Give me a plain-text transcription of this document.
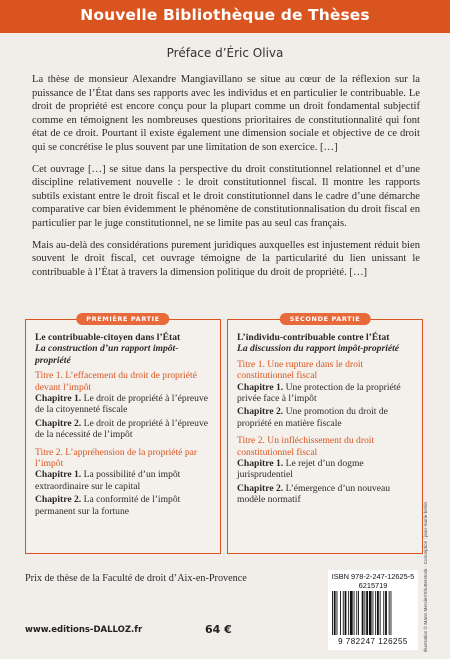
Nouvelle Bibliothèque de Thèses
Préface d’Éric Oliva

La thèse de monsieur Alexandre Mangiavillano se situe au cœur de la réflexion sur la puissance de l’État dans ses rapports avec les individus et en particulier le contribuable. Le droit de propriété est encore conçu pour la plupart comme un droit fondamental subjectif comme en témoignent les nombreuses questions prioritaires de constitutionnalité qui font état de ce droit. Pourtant il existe également une dimension sociale et objective de ce droit qui se concrétise le plus souvent par une limitation de son exercice. […]

Cet ouvrage […] se situe dans la perspective du droit constitutionnel relationnel et d’une discipline relativement nouvelle : le droit constitutionnel fiscal. Il montre les rapports subtils existant entre le droit fiscal et le droit constitutionnel dans le cadre d’une démarche comparative car bien évidemment le phénomène de constitutionnalisation du droit fiscal en particulier par le juge constitutionnel, ne se limite pas au seul cas français.

Mais au-delà des considérations purement juridiques auxquelles est injustement réduit bien souvent le droit fiscal, cet ouvrage témoigne de la particularité du lien unissant le contribuable à l’État à travers la dimension politique du droit de propriété. […]

PREMIÈRE PARTIE
Le contribuable-citoyen dans l’État
La construction d’un rapport impôt-propriété
Titre 1. L’effacement du droit de propriété devant l’impôt
Chapitre 1. Le droit de propriété à l’épreuve de la citoyenneté fiscale
Chapitre 2. Le droit de propriété à l’épreuve de la nécessité de l’impôt
Titre 2. L’appréhension de la propriété par l’impôt
Chapitre 1. La possibilité d’un impôt extraordinaire sur le capital
Chapitre 2. La conformité de l’impôt permanent sur la fortune
SECONDE PARTIE
L’individu-contribuable contre l’État
La discussion du rapport impôt-propriété
Titre 1. Une rupture dans le droit constitutionnel fiscal
Chapitre 1. Une protection de la propriété privée face à l’impôt
Chapitre 2. Une promotion du droit de propriété en matière fiscale
Titre 2. Un infléchissement du droit constitutionnel fiscal
Chapitre 1. Le rejet d’un dogme jurisprudentiel
Chapitre 2. L’émergence d’un nouveau modèle normatif
Prix de thèse de la Faculté de droit d’Aix-en-Provence
www.editions-DALLOZ.fr	64 €
ISBN 978-2-247-12625-5
6215719
9 782247 126255	Illustration © Marin Mercier/Shutterstock · Conception : jean-marie berlin
